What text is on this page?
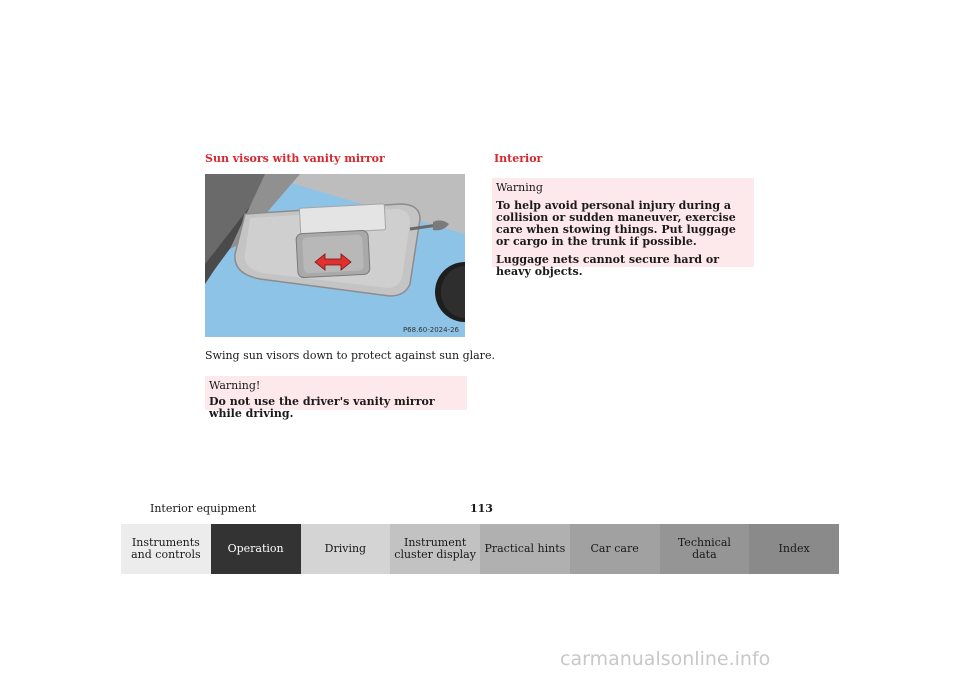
Sun visors with vanity mirror
P68.60-2024-26
Swing sun visors down to protect against sun glare.
Warning!
Do not use the driver's vanity mirror while driving.
Interior
Warning

To help avoid personal injury during a collision or sudden maneuver, exercise care when stowing things. Put luggage or cargo in the trunk if possible.

Luggage nets cannot secure hard or heavy objects.

Interior equipment	113
Instruments
and controls Operation	Driving	Instrument
cluster display Practical hints Car care	Technical
data	Index
carmanualsonline.info
